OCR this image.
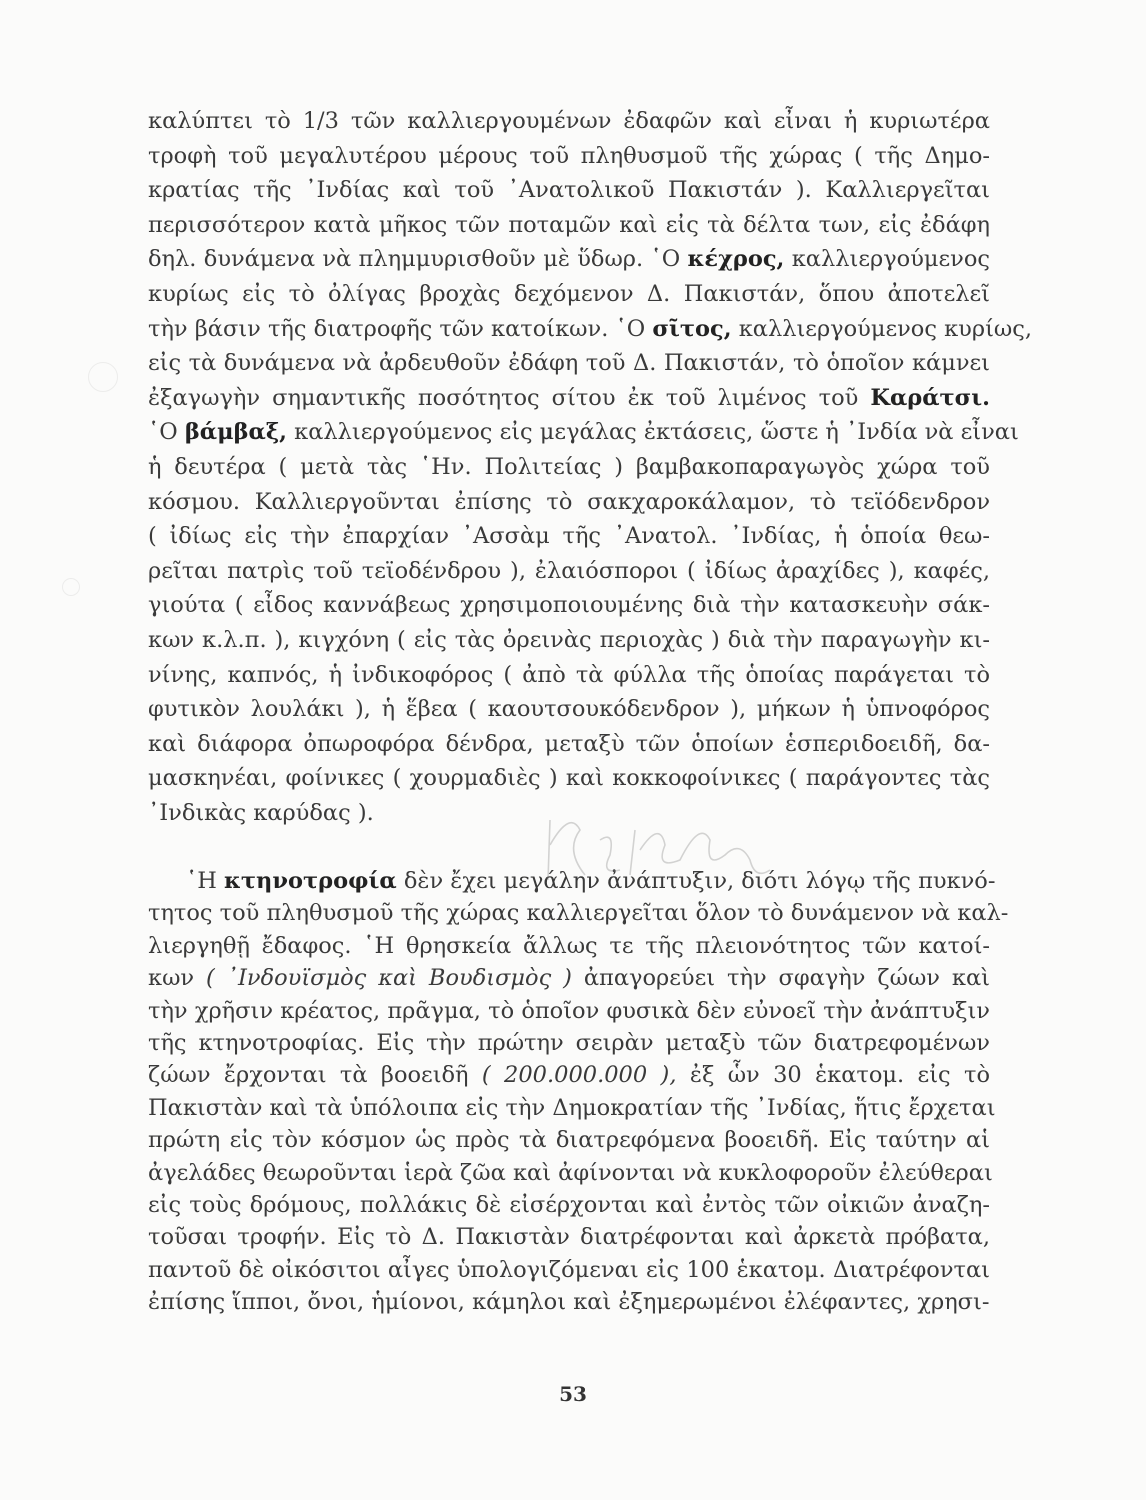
καλύπτει τὸ 1/3 τῶν καλλιεργουμένων ἐδαφῶν καὶ εἶναι ἡ κυριωτέρα
τροφὴ τοῦ μεγαλυτέρου μέρους τοῦ πληθυσμοῦ τῆς χώρας ( τῆς Δημο-
κρατίας τῆς ᾿Ινδίας καὶ τοῦ ᾿Ανατολικοῦ Πακιστάν ). Καλλιεργεῖται
περισσότερον κατὰ μῆκος τῶν ποταμῶν καὶ εἰς τὰ δέλτα των, εἰς ἐδάφη
δηλ. δυνάμενα νὰ πλημμυρισθοῦν μὲ ὕδωρ. ῾Ο κέχρος, καλλιεργούμενος
κυρίως εἰς τὸ ὀλίγας βροχὰς δεχόμενον Δ. Πακιστάν, ὅπου ἀποτελεῖ
τὴν βάσιν τῆς διατροφῆς τῶν κατοίκων. ῾Ο σῖτος, καλλιεργούμενος κυρίως,
εἰς τὰ δυνάμενα νὰ ἀρδευθοῦν ἐδάφη τοῦ Δ. Πακιστάν, τὸ ὁποῖον κάμνει
ἐξαγωγὴν σημαντικῆς ποσότητος σίτου ἐκ τοῦ λιμένος τοῦ Καράτσι.
῾Ο βάμβαξ, καλλιεργούμενος εἰς μεγάλας ἐκτάσεις, ὥστε ἡ ᾿Ινδία νὰ εἶναι
ἡ δευτέρα ( μετὰ τὰς ῾Ην. Πολιτείας ) βαμβακοπαραγωγὸς χώρα τοῦ
κόσμου. Καλλιεργοῦνται ἐπίσης τὸ σακχαροκάλαμον, τὸ τεϊόδενδρον
( ἰδίως εἰς τὴν ἐπαρχίαν ᾿Ασσὰμ τῆς ᾿Ανατολ. ᾿Ινδίας, ἡ ὁποία θεω-
ρεῖται πατρὶς τοῦ τεϊοδένδρου ), ἐλαιόσποροι ( ἰδίως ἀραχίδες ), καφές,
γιούτα ( εἶδος καννάβεως χρησιμοποιουμένης διὰ τὴν κατασκευὴν σάκ-
κων κ.λ.π. ), κιγχόνη ( εἰς τὰς ὀρεινὰς περιοχὰς ) διὰ τὴν παραγωγὴν κι-
νίνης, καπνός, ἡ ἰνδικοφόρος ( ἀπὸ τὰ φύλλα τῆς ὁποίας παράγεται τὸ
φυτικὸν λουλάκι ), ἡ ἕβεα ( καουτσουκόδενδρον ), μήκων ἡ ὑπνοφόρος
καὶ διάφορα ὀπωροφόρα δένδρα, μεταξὺ τῶν ὁποίων ἑσπεριδοειδῆ, δα-
μασκηνέαι, φοίνικες ( χουρμαδιὲς ) καὶ κοκκοφοίνικες ( παράγοντες τὰς
᾿Ινδικὰς καρύδας ).
῾Η κτηνοτροφία δὲν ἔχει μεγάλην ἀνάπτυξιν, διότι λόγῳ τῆς πυκνό-
τητος τοῦ πληθυσμοῦ τῆς χώρας καλλιεργεῖται ὅλον τὸ δυνάμενον νὰ καλ-
λιεργηθῇ ἔδαφος. ῾Η θρησκεία ἄλλως τε τῆς πλειονότητος τῶν κατοί-
κων ( ᾿Ινδουϊσμὸς καὶ Βουδισμὸς ) ἀπαγορεύει τὴν σφαγὴν ζώων καὶ
τὴν χρῆσιν κρέατος, πρᾶγμα, τὸ ὁποῖον φυσικὰ δὲν εὐνοεῖ τὴν ἀνάπτυξιν
τῆς κτηνοτροφίας. Εἰς τὴν πρώτην σειρὰν μεταξὺ τῶν διατρεφομένων
ζώων ἔρχονται τὰ βοοειδῆ ( 200.000.000 ), ἐξ ὧν 30 ἑκατομ. εἰς τὸ
Πακιστὰν καὶ τὰ ὑπόλοιπα εἰς τὴν Δημοκρατίαν τῆς ᾿Ινδίας, ἥτις ἔρχεται
πρώτη εἰς τὸν κόσμον ὡς πρὸς τὰ διατρεφόμενα βοοειδῆ. Εἰς ταύτην αἱ
ἀγελάδες θεωροῦνται ἱερὰ ζῶα καὶ ἀφίνονται νὰ κυκλοφοροῦν ἐλεύθεραι
εἰς τοὺς δρόμους, πολλάκις δὲ εἰσέρχονται καὶ ἐντὸς τῶν οἰκιῶν ἀναζη-
τοῦσαι τροφήν. Εἰς τὸ Δ. Πακιστὰν διατρέφονται καὶ ἀρκετὰ πρόβατα,
παντοῦ δὲ οἰκόσιτοι αἶγες ὑπολογιζόμεναι εἰς 100 ἑκατομ. Διατρέφονται
ἐπίσης ἵπποι, ὄνοι, ἡμίονοι, κάμηλοι καὶ ἐξημερωμένοι ἐλέφαντες, χρησι-
53
